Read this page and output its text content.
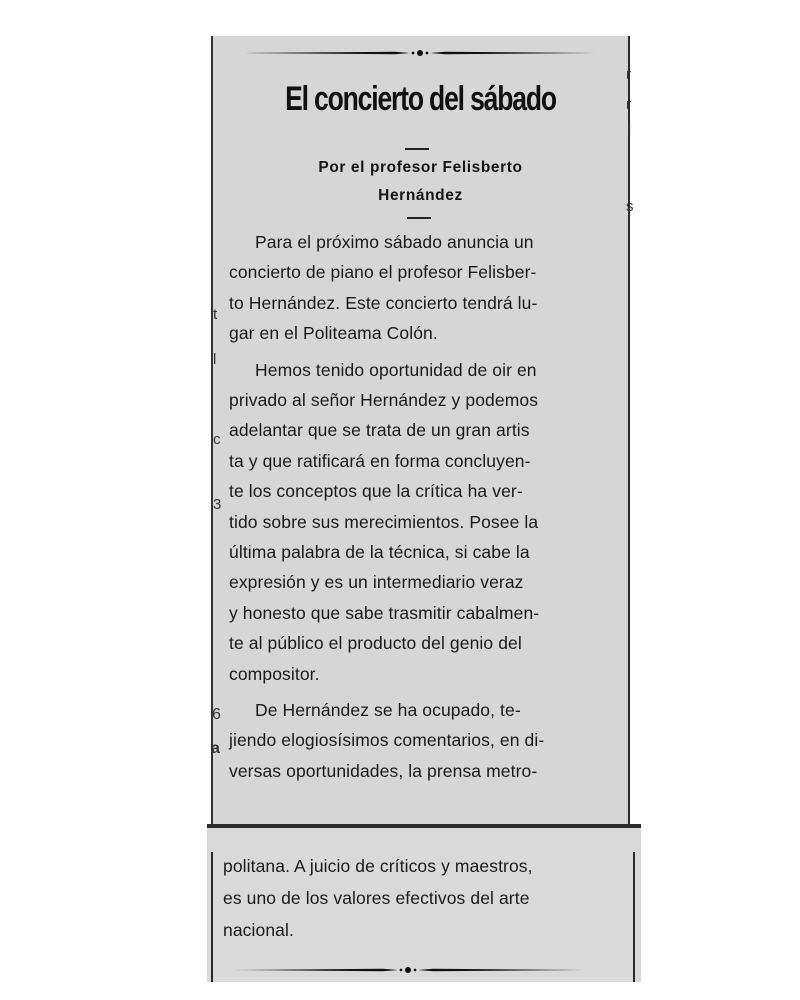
El concierto del sábado
Por el profesor Felisberto
Hernández
Para el próximo sábado anuncia un
concierto de piano el profesor Felisber-
to Hernández. Este concierto tendrá lu-
gar en el Politeama Colón.
Hemos tenido oportunidad de oir en
privado al señor Hernández y podemos
adelantar que se trata de un gran artis
ta y que ratificará en forma concluyen-
te los conceptos que la crítica ha ver-
tido sobre sus merecimientos. Posee la
última palabra de la técnica, si cabe la
expresión y es un intermediario veraz
y honesto que sabe trasmitir cabalmen-
te al público el producto del genio del
compositor.
De Hernández se ha ocupado, te-
jiendo elogiosísimos comentarios, en di-
versas oportunidades, la prensa metro-
t
l
c
3
6
a
r
r
l
s
politana. A juicio de críticos y maestros,
es uno de los valores efectivos del arte
nacional.
